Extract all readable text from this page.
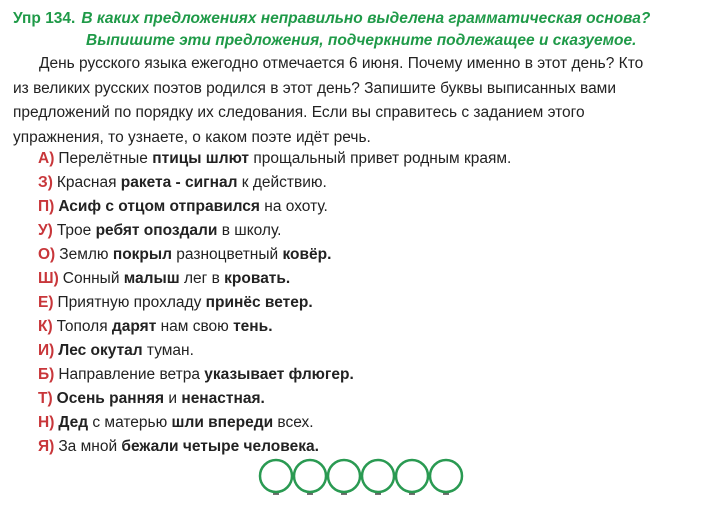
Упр 134. В каких предложениях неправильно выделена грамматическая основа?
Выпишите эти предложения, подчеркните подлежащее и сказуемое.
День русского языка ежегодно отмечается 6 июня. Почему именно в этот день? Кто
из великих русских поэтов родился в этот день? Запишите буквы выписанных вами
предложений по порядку их следования. Если вы справитесь с заданием этого
упражнения, то узнаете, о каком поэте идёт речь.
А) Перелётные птицы шлют прощальный привет родным краям.
З) Красная ракета - сигнал к действию.
П) Асиф с отцом отправился на охоту.
У) Трое ребят опоздали в школу.
О) Землю покрыл разноцветный ковёр.
Ш) Сонный малыш лег в кровать.
Е) Приятную прохладу принёс ветер.
К) Тополя дарят нам свою тень.
И) Лес окутал туман.
Б) Направление ветра указывает флюгер.
Т) Осень ранняя и ненастная.
Н) Дед с матерью шли впереди всех.
Я) За мной бежали четыре человека.
